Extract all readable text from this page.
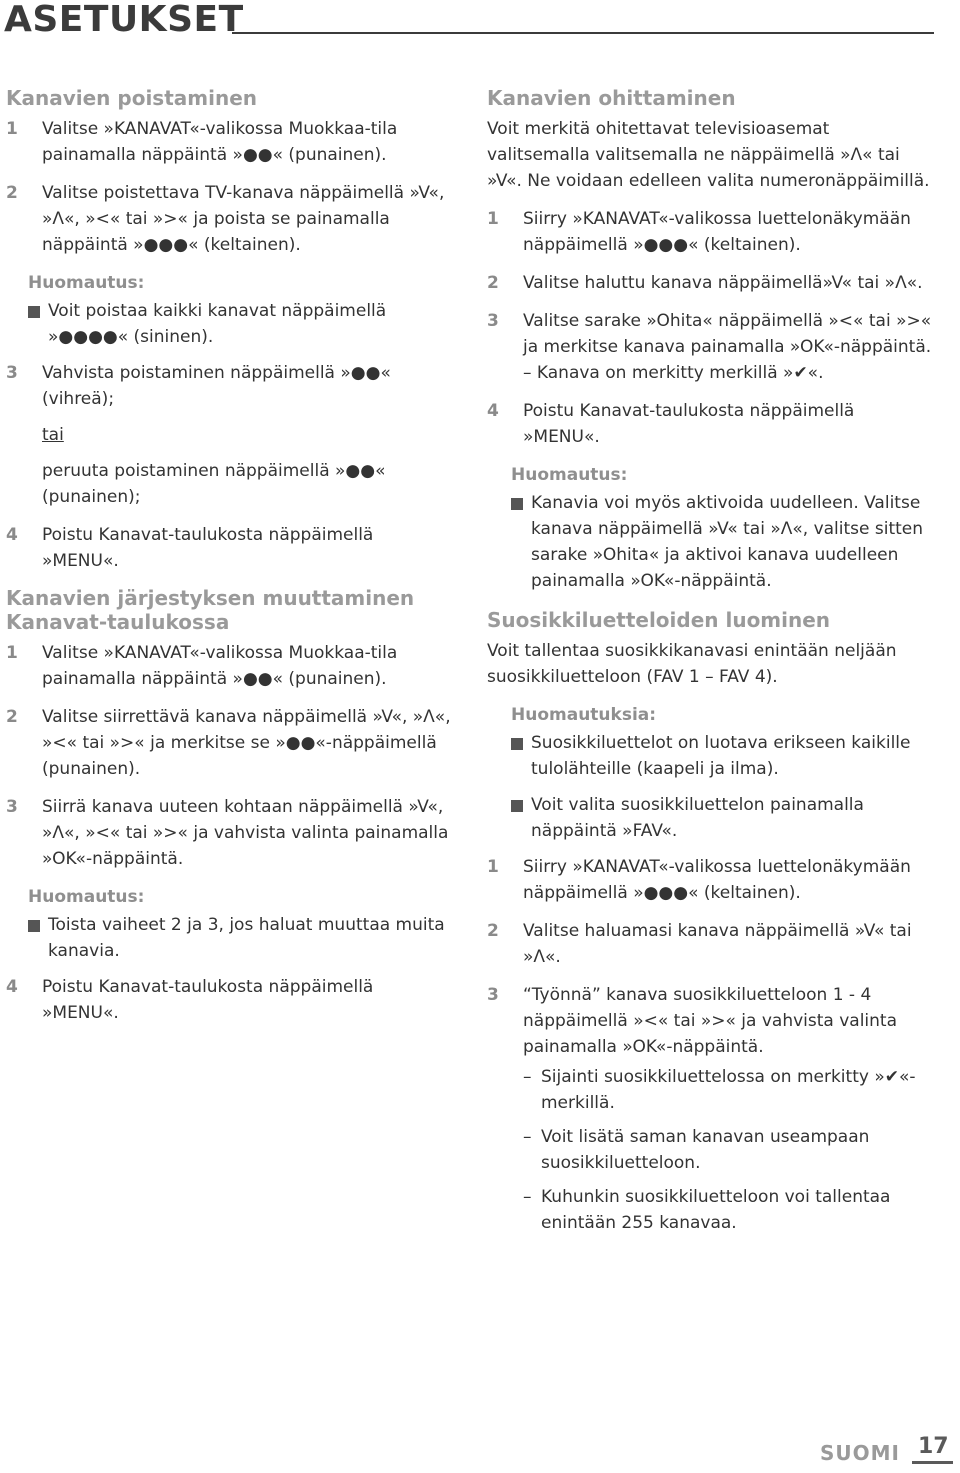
ASETUKSET
Kanavien poistaminen
1	Valitse »KANAVAT«-valikossa Muokkaa-tila painamalla näppäintä »●●« (punainen).
2	Valitse poistettava TV-kanava näppäimellä »V«, »Λ«, »<« tai »>« ja poista se painamalla näppäintä »●●●« (keltainen).
Huomautus:
Voit poistaa kaikki kanavat näppäimellä »●●●●« (sininen).
3	Vahvista poistaminen näppäimellä »●●« (vihreä);
tai
peruuta poistaminen näppäimellä »●●« (punainen);
4	Poistu Kanavat-taulukosta näppäimellä »MENU«.
Kanavien järjestyksen muuttaminen Kanavat-taulukossa
1	Valitse »KANAVAT«-valikossa Muokkaa-tila painamalla näppäintä »●●« (punainen).
2	Valitse siirrettävä kanava näppäimellä »V«, »Λ«, »<« tai »>« ja merkitse se »●●«-näppäimellä (punainen).
3	Siirrä kanava uuteen kohtaan näppäimellä »V«, »Λ«, »<« tai »>« ja vahvista valinta painamalla »OK«-näppäintä.
Huomautus:
Toista vaiheet 2 ja 3, jos haluat muuttaa muita kanavia.
4	Poistu Kanavat-taulukosta näppäimellä »MENU«.
Kanavien ohittaminen
Voit merkitä ohitettavat televisioasemat valitsemalla valitsemalla ne näppäimellä »Λ« tai »V«. Ne voidaan edelleen valita numeronäppäimillä.
1	Siirry »KANAVAT«-valikossa luettelonäkymään näppäimellä »●●●« (keltainen).
2	Valitse haluttu kanava näppäimellä»V« tai »Λ«.
3	Valitse sarake »Ohita« näppäimellä »<« tai »>« ja merkitse kanava painamalla »OK«-näppäintä.
– Kanava on merkitty merkillä »✔«.
4	Poistu Kanavat-taulukosta näppäimellä »MENU«.
Huomautus:
Kanavia voi myös aktivoida uudelleen. Valitse kanava näppäimellä »V« tai »Λ«, valitse sitten sarake »Ohita« ja aktivoi kanava uudelleen painamalla »OK«-näppäintä.
Suosikkiluetteloiden luominen
Voit tallentaa suosikkikanavasi enintään neljään suosikkiluetteloon (FAV 1 – FAV 4).
Huomautuksia:
Suosikkiluettelot on luotava erikseen kaikille tulolähteille (kaapeli ja ilma).
Voit valita suosikkiluettelon painamalla näppäintä »FAV«.
1	Siirry »KANAVAT«-valikossa luettelonäkymään näppäimellä »●●●« (keltainen).
2	Valitse haluamasi kanava näppäimellä »V« tai »Λ«.
3	“Työnnä” kanava suosikkiluetteloon 1 - 4 näppäimellä »<« tai »>« ja vahvista valinta painamalla »OK«-näppäintä.
– Sijainti suosikkiluettelossa on merkitty »✔«-merkillä.
– Voit lisätä saman kanavan useampaan suosikkiluetteloon.
– Kuhunkin suosikkiluetteloon voi tallentaa enintään 255 kanavaa.
SUOMI 17
